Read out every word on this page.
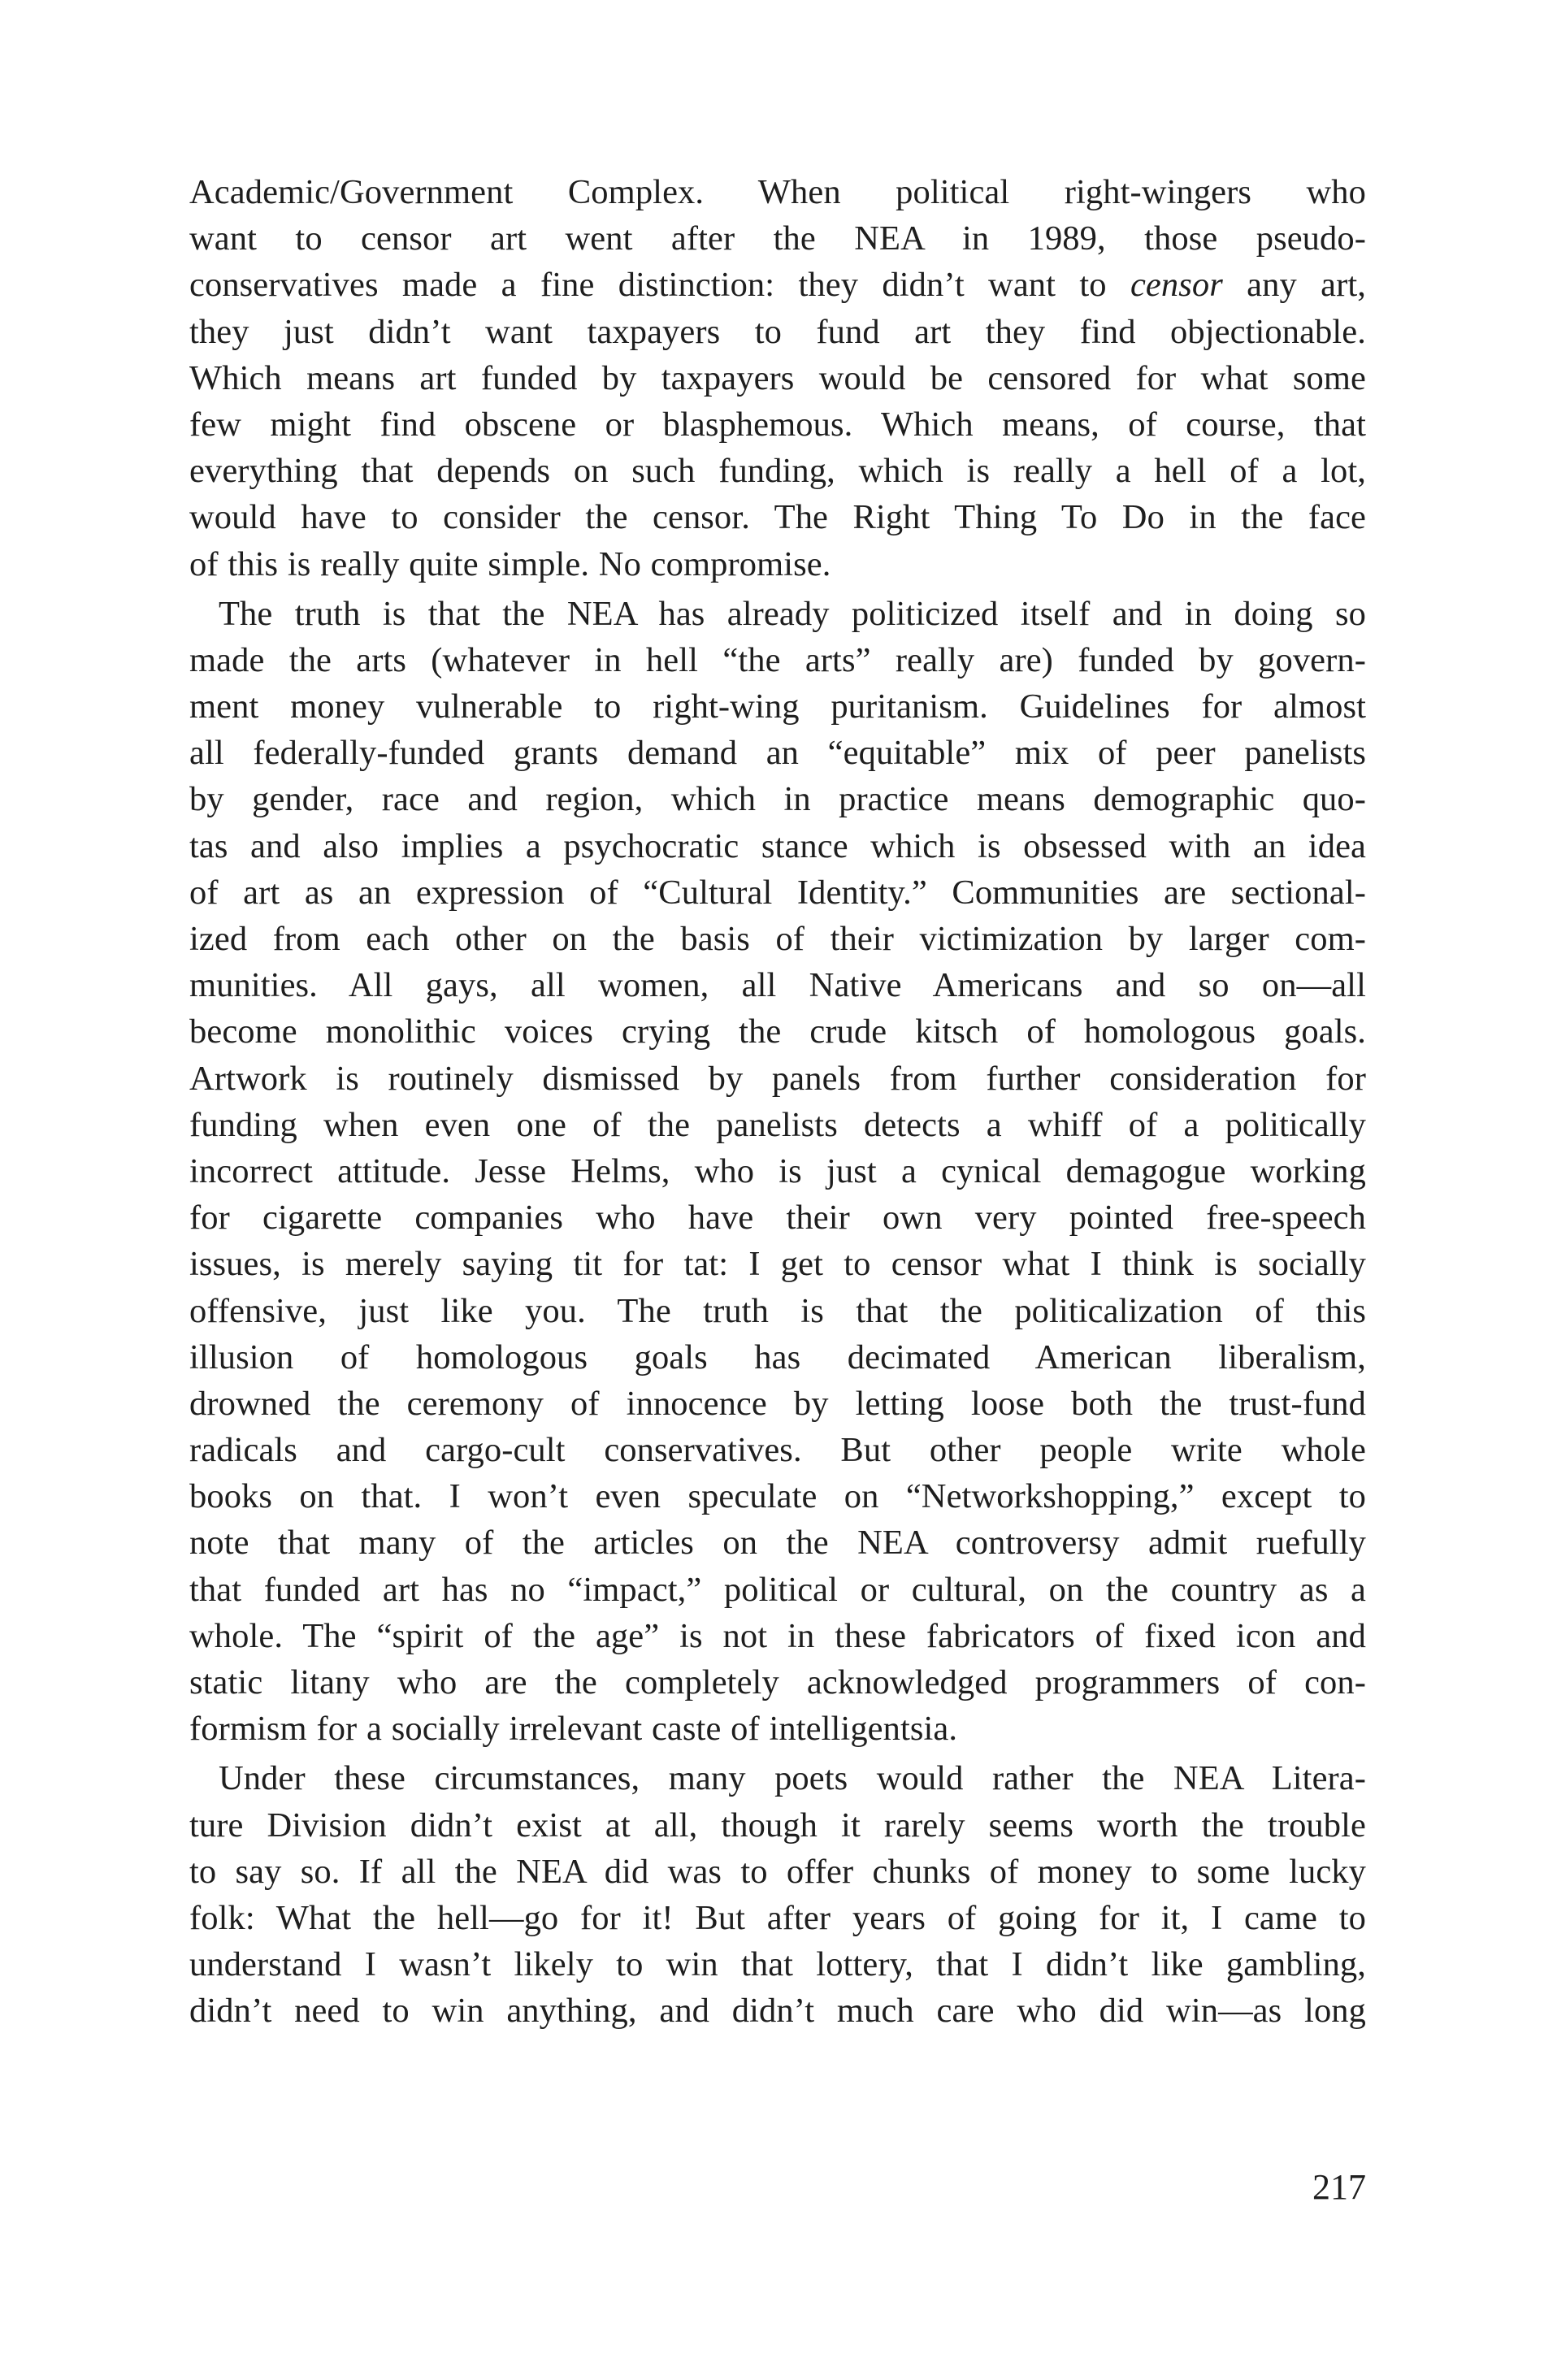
Academic/Government Complex. When political right-wingers who
want to censor art went after the NEA in 1989, those pseudo-
conservatives made a fine distinction: they didn’t want to censor any art,
they just didn’t want taxpayers to fund art they find objectionable.
Which means art funded by taxpayers would be censored for what some
few might find obscene or blasphemous. Which means, of course, that
everything that depends on such funding, which is really a hell of a lot,
would have to consider the censor. The Right Thing To Do in the face
of this is really quite simple. No compromise.

The truth is that the NEA has already politicized itself and in doing so
made the arts (whatever in hell “the arts” really are) funded by govern-
ment money vulnerable to right-wing puritanism. Guidelines for almost
all federally-funded grants demand an “equitable” mix of peer panelists
by gender, race and region, which in practice means demographic quo-
tas and also implies a psychocratic stance which is obsessed with an idea
of art as an expression of “Cultural Identity.” Communities are sectional-
ized from each other on the basis of their victimization by larger com-
munities. All gays, all women, all Native Americans and so on—all
become monolithic voices crying the crude kitsch of homologous goals.
Artwork is routinely dismissed by panels from further consideration for
funding when even one of the panelists detects a whiff of a politically
incorrect attitude. Jesse Helms, who is just a cynical demagogue working
for cigarette companies who have their own very pointed free-speech
issues, is merely saying tit for tat: I get to censor what I think is socially
offensive, just like you. The truth is that the politicalization of this
illusion of homologous goals has decimated American liberalism,
drowned the ceremony of innocence by letting loose both the trust-fund
radicals and cargo-cult conservatives. But other people write whole
books on that. I won’t even speculate on “Networkshopping,” except to
note that many of the articles on the NEA controversy admit ruefully
that funded art has no “impact,” political or cultural, on the country as a
whole. The “spirit of the age” is not in these fabricators of fixed icon and
static litany who are the completely acknowledged programmers of con-
formism for a socially irrelevant caste of intelligentsia.

Under these circumstances, many poets would rather the NEA Litera-
ture Division didn’t exist at all, though it rarely seems worth the trouble
to say so. If all the NEA did was to offer chunks of money to some lucky
folk: What the hell—go for it! But after years of going for it, I came to
understand I wasn’t likely to win that lottery, that I didn’t like gambling,
didn’t need to win anything, and didn’t much care who did win—as long

217
